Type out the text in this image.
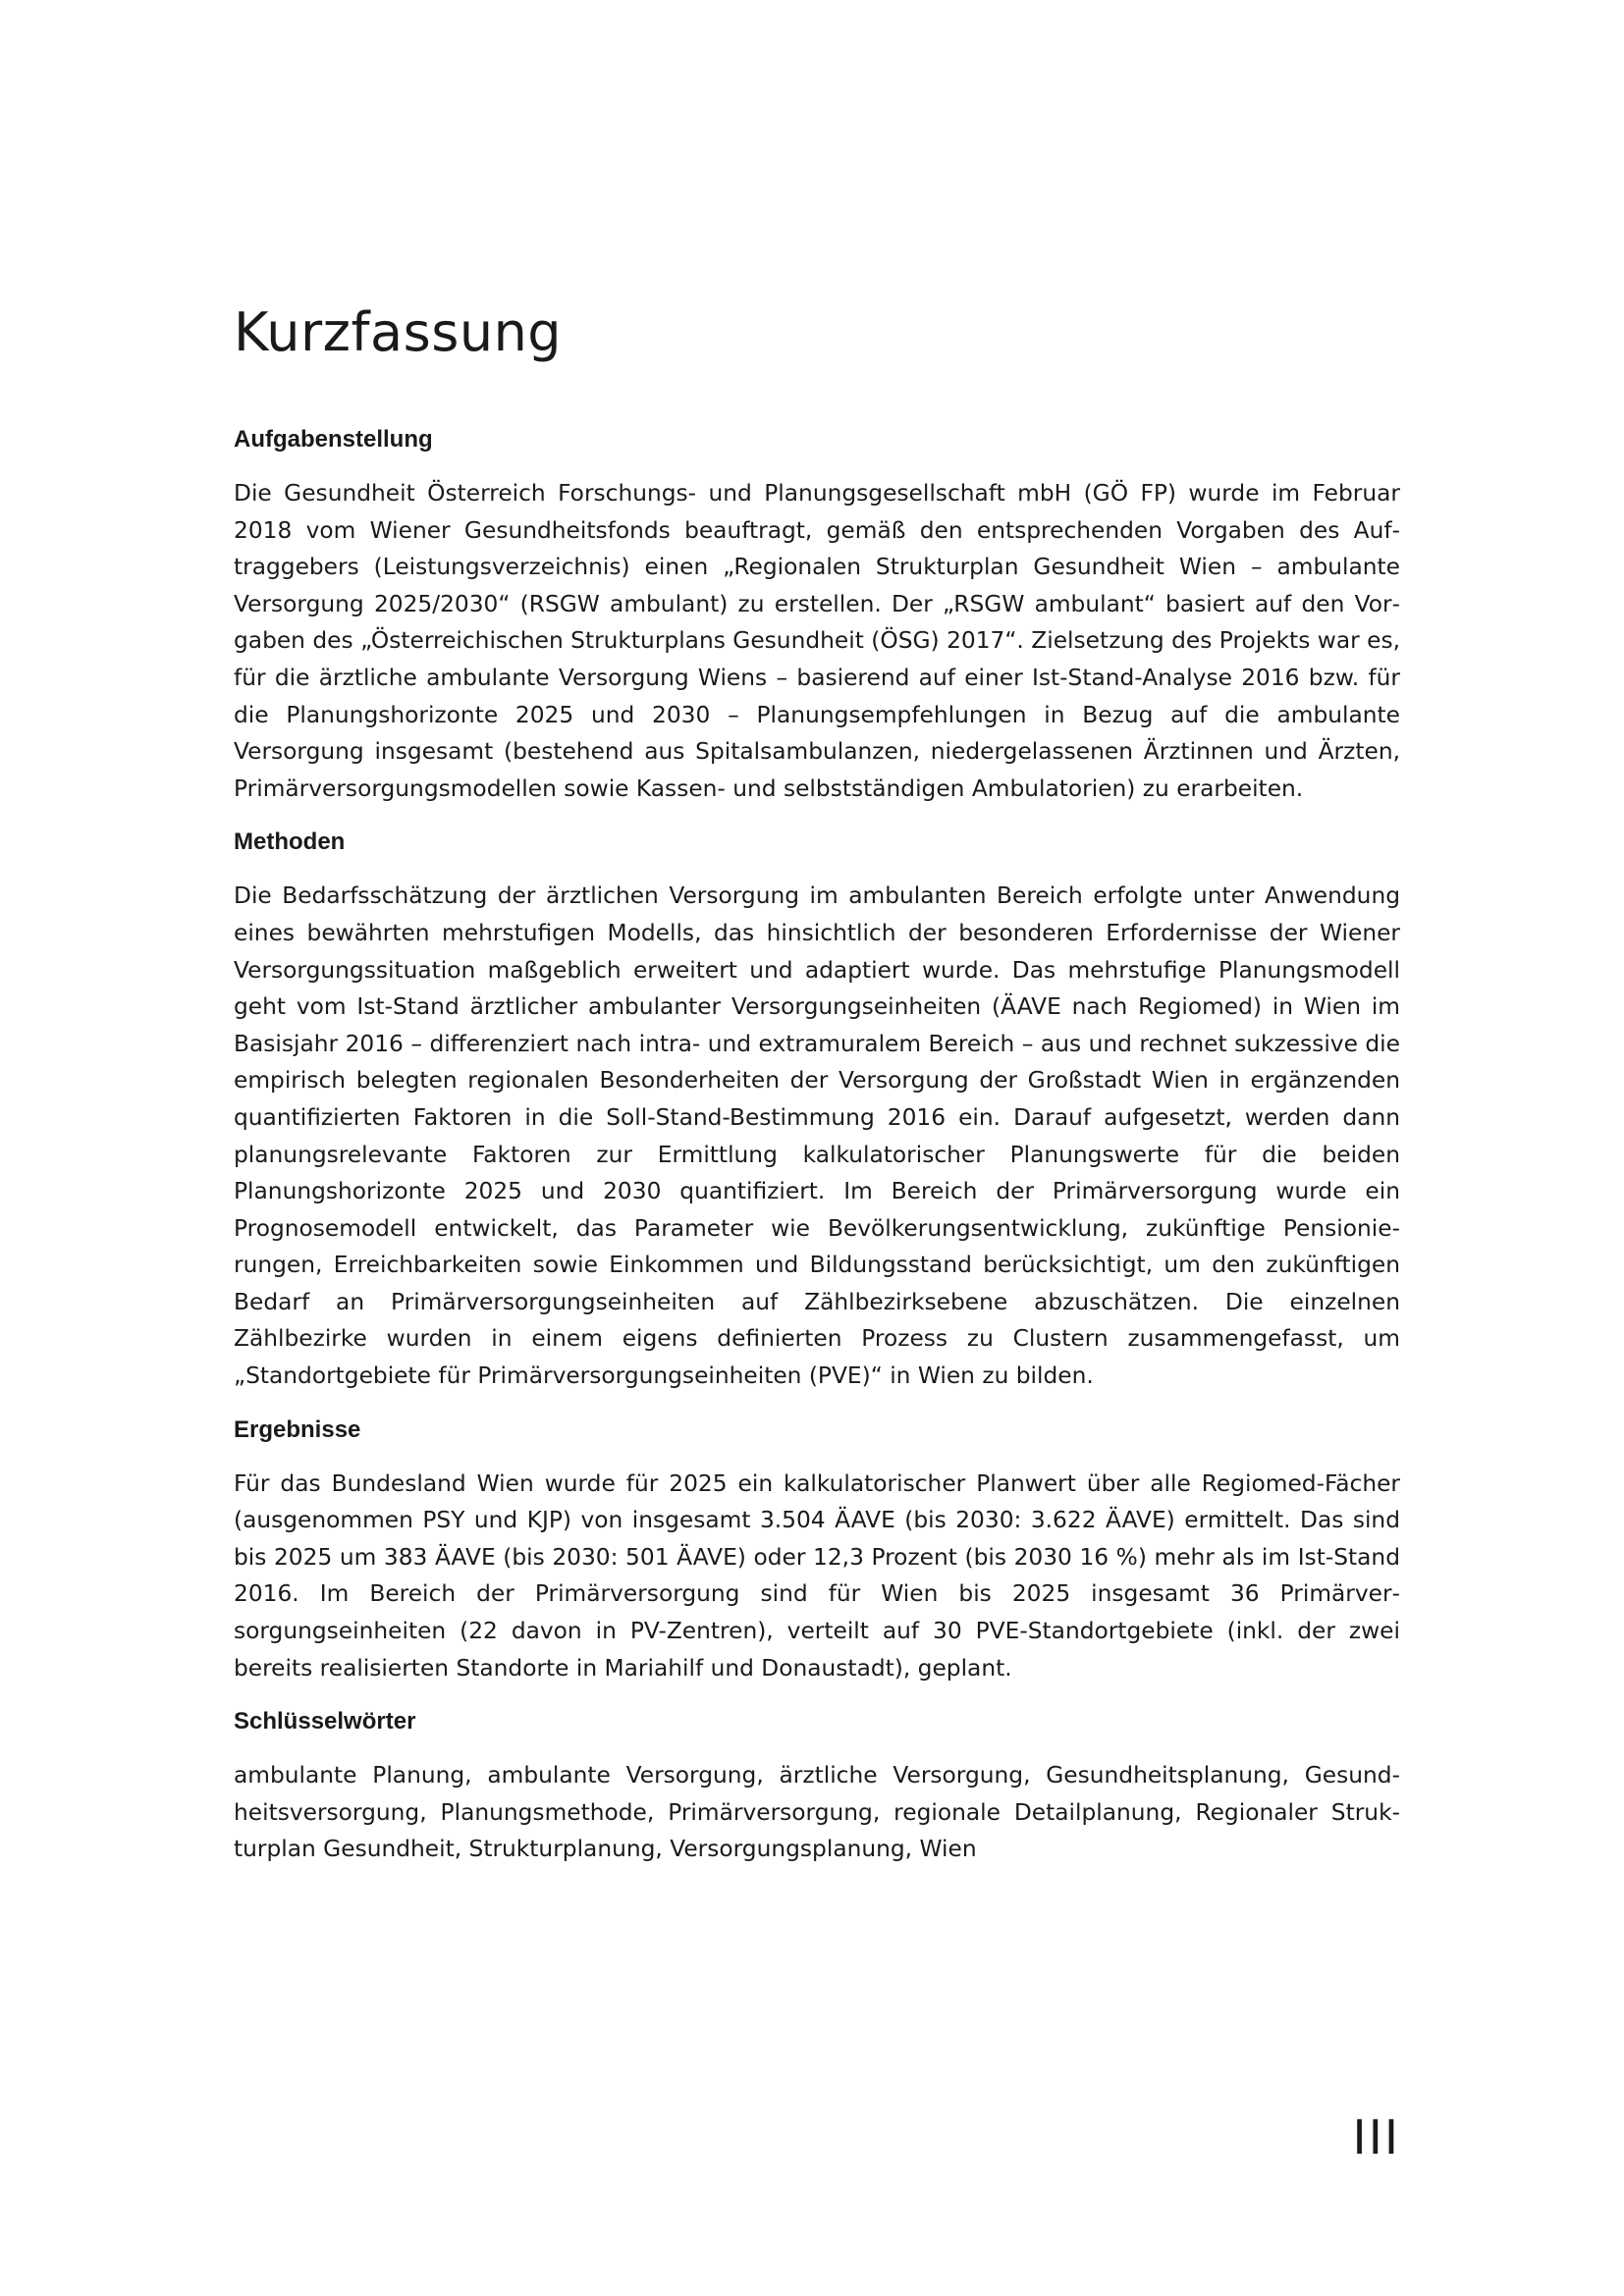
Kurzfassung
Aufgabenstellung

Die Gesundheit Österreich Forschungs- und Planungsgesellschaft mbH (GÖ FP) wurde im Februar 2018 vom Wiener Gesundheitsfonds beauftragt, gemäß den entsprechenden Vorgaben des Auftraggebers (Leistungsverzeichnis) einen „Regionalen Strukturplan Gesundheit Wien – ambulante Versorgung 2025/2030“ (RSGW ambulant) zu erstellen. Der „RSGW ambulant“ basiert auf den Vorgaben des „Österreichischen Strukturplans Gesundheit (ÖSG) 2017“. Zielsetzung des Projekts war es, für die ärztliche ambulante Versorgung Wiens – basierend auf einer Ist-Stand-Analyse 2016 bzw. für die Planungshorizonte 2025 und 2030 – Planungsempfehlungen in Bezug auf die ambulante Versorgung insgesamt (bestehend aus Spitalsambulanzen, niedergelassenen Ärztinnen und Ärzten, Primärversorgungsmodellen sowie Kassen- und selbstständigen Ambulatorien) zu erarbeiten.

Methoden

Die Bedarfsschätzung der ärztlichen Versorgung im ambulanten Bereich erfolgte unter Anwendung eines bewährten mehrstufigen Modells, das hinsichtlich der besonderen Erfordernisse der Wiener Versorgungssituation maßgeblich erweitert und adaptiert wurde. Das mehrstufige Planungsmodell geht vom Ist-Stand ärztlicher ambulanter Versorgungseinheiten (ÄAVE nach Regiomed) in Wien im Basisjahr 2016 – differenziert nach intra- und extramuralem Bereich – aus und rechnet sukzessive die empirisch belegten regionalen Besonderheiten der Versorgung der Großstadt Wien in ergänzenden quantifizierten Faktoren in die Soll-Stand-Bestimmung 2016 ein. Darauf aufgesetzt, werden dann planungsrelevante Faktoren zur Ermittlung kalkulatorischer Planungswerte für die beiden Planungshorizonte 2025 und 2030 quantifiziert. Im Bereich der Primärversorgung wurde ein Prognosemodell entwickelt, das Parameter wie Bevölkerungsentwicklung, zukünftige Pensionierungen, Erreichbarkeiten sowie Einkommen und Bildungsstand berücksichtigt, um den zukünftigen Bedarf an Primärversorgungseinheiten auf Zählbezirksebene abzuschätzen. Die einzelnen Zählbezirke wurden in einem eigens definierten Prozess zu Clustern zusammengefasst, um „Standortgebiete für Primärversorgungseinheiten (PVE)“ in Wien zu bilden.

Ergebnisse

Für das Bundesland Wien wurde für 2025 ein kalkulatorischer Planwert über alle Regiomed-Fächer (ausgenommen PSY und KJP) von insgesamt 3.504 ÄAVE (bis 2030: 3.622 ÄAVE) ermittelt. Das sind bis 2025 um 383 ÄAVE (bis 2030: 501 ÄAVE) oder 12,3 Prozent (bis 2030 16 %) mehr als im Ist-Stand 2016. Im Bereich der Primärversorgung sind für Wien bis 2025 insgesamt 36 Primärversorgungseinheiten (22 davon in PV-Zentren), verteilt auf 30 PVE-Standortgebiete (inkl. der zwei bereits realisierten Standorte in Mariahilf und Donaustadt), geplant.

Schlüsselwörter

ambulante Planung, ambulante Versorgung, ärztliche Versorgung, Gesundheitsplanung, Gesundheitsversorgung, Planungsmethode, Primärversorgung, regionale Detailplanung, Regionaler Strukturplan Gesundheit, Strukturplanung, Versorgungsplanung, Wien

III
